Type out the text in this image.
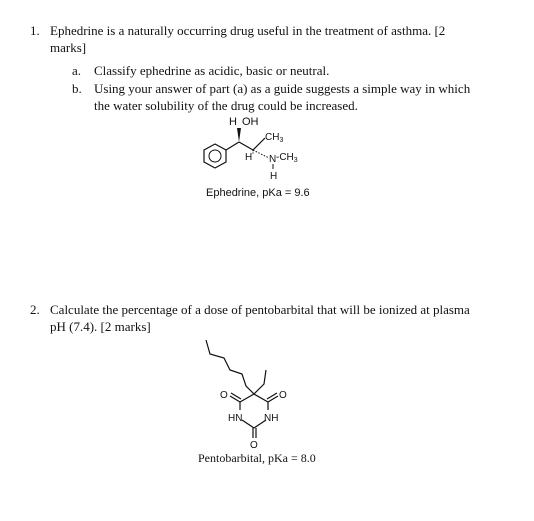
1. Ephedrine is a naturally occurring drug useful in the treatment of asthma. [2
marks]
a. Classify ephedrine as acidic, basic or neutral.
b. Using your answer of part (a) as a guide suggests a simple way in which
the water solubility of the drug could be increased.
H OH
$CH_3$
H N $-CH_3$
H
Ephedrine, pKa = 9.6
2. Calculate the percentage of a dose of pentobarbital that will be ionized at plasma
pH (7.4). [2 marks]
O	O
HN NH
O
Pentobarbital, pKa = 8.0
